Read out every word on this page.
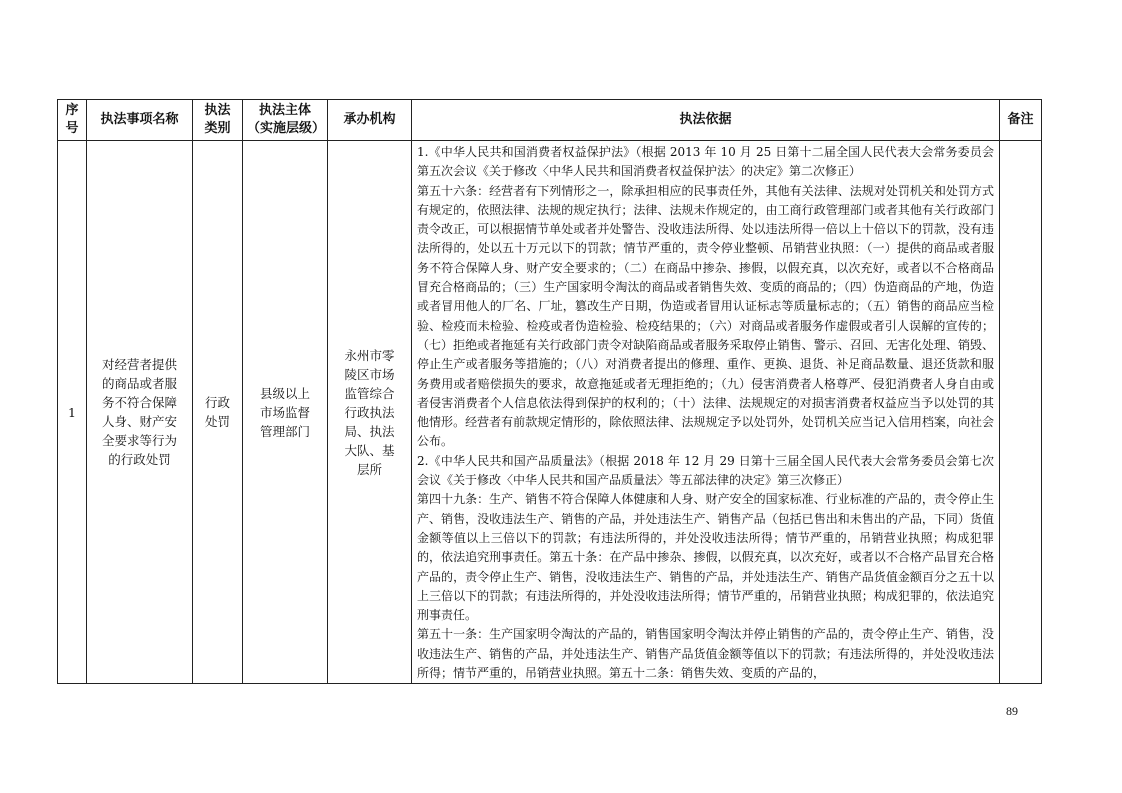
序号	执法事项名称	执法类别	执法主体（实施层级）	承办机构	执法依据	备注
1	对经营者提供的商品或者服务不符合保障人身、财产安全要求等行为的行政处罚	行政处罚	县级以上市场监督管理部门	永州市零陵区市场监管综合行政执法局、执法大队、基层所	1.《中华人民共和国消费者权益保护法》（根据 2013 年 10 月 25 日第十二届全国人民代表大会常务委员会第五次会议《关于修改〈中华人民共和国消费者权益保护法〉的决定》第二次修正）

第五十六条：经营者有下列情形之一，除承担相应的民事责任外，其他有关法律、法规对处罚机关和处罚方式有规定的，依照法律、法规的规定执行；法律、法规未作规定的，由工商行政管理部门或者其他有关行政部门责令改正，可以根据情节单处或者并处警告、没收违法所得、处以违法所得一倍以上十倍以下的罚款，没有违法所得的，处以五十万元以下的罚款；情节严重的，责令停业整顿、吊销营业执照：（一）提供的商品或者服务不符合保障人身、财产安全要求的；（二）在商品中掺杂、掺假，以假充真，以次充好，或者以不合格商品冒充合格商品的；（三）生产国家明令淘汰的商品或者销售失效、变质的商品的；（四）伪造商品的产地，伪造或者冒用他人的厂名、厂址，篡改生产日期，伪造或者冒用认证标志等质量标志的；（五）销售的商品应当检验、检疫而未检验、检疫或者伪造检验、检疫结果的；（六）对商品或者服务作虚假或者引人误解的宣传的；（七）拒绝或者拖延有关行政部门责令对缺陷商品或者服务采取停止销售、警示、召回、无害化处理、销毁、停止生产或者服务等措施的；（八）对消费者提出的修理、重作、更换、退货、补足商品数量、退还货款和服务费用或者赔偿损失的要求，故意拖延或者无理拒绝的；（九）侵害消费者人格尊严、侵犯消费者人身自由或者侵害消费者个人信息依法得到保护的权利的；（十）法律、法规规定的对损害消费者权益应当予以处罚的其他情形。经营者有前款规定情形的，除依照法律、法规规定予以处罚外，处罚机关应当记入信用档案，向社会公布。

2.《中华人民共和国产品质量法》（根据 2018 年 12 月 29 日第十三届全国人民代表大会常务委员会第七次会议《关于修改〈中华人民共和国产品质量法〉等五部法律的决定》第三次修正）

第四十九条：生产、销售不符合保障人体健康和人身、财产安全的国家标准、行业标准的产品的，责令停止生产、销售，没收违法生产、销售的产品，并处违法生产、销售产品（包括已售出和未售出的产品，下同）货值金额等值以上三倍以下的罚款；有违法所得的，并处没收违法所得；情节严重的，吊销营业执照；构成犯罪的，依法追究刑事责任。第五十条：在产品中掺杂、掺假，以假充真，以次充好，或者以不合格产品冒充合格产品的，责令停止生产、销售，没收违法生产、销售的产品，并处违法生产、销售产品货值金额百分之五十以上三倍以下的罚款；有违法所得的，并处没收违法所得；情节严重的，吊销营业执照；构成犯罪的，依法追究刑事责任。

第五十一条：生产国家明令淘汰的产品的，销售国家明令淘汰并停止销售的产品的，责令停止生产、销售，没收违法生产、销售的产品，并处违法生产、销售产品货值金额等值以下的罚款；有违法所得的，并处没收违法所得；情节严重的，吊销营业执照。第五十二条：销售失效、变质的产品的，	

89
